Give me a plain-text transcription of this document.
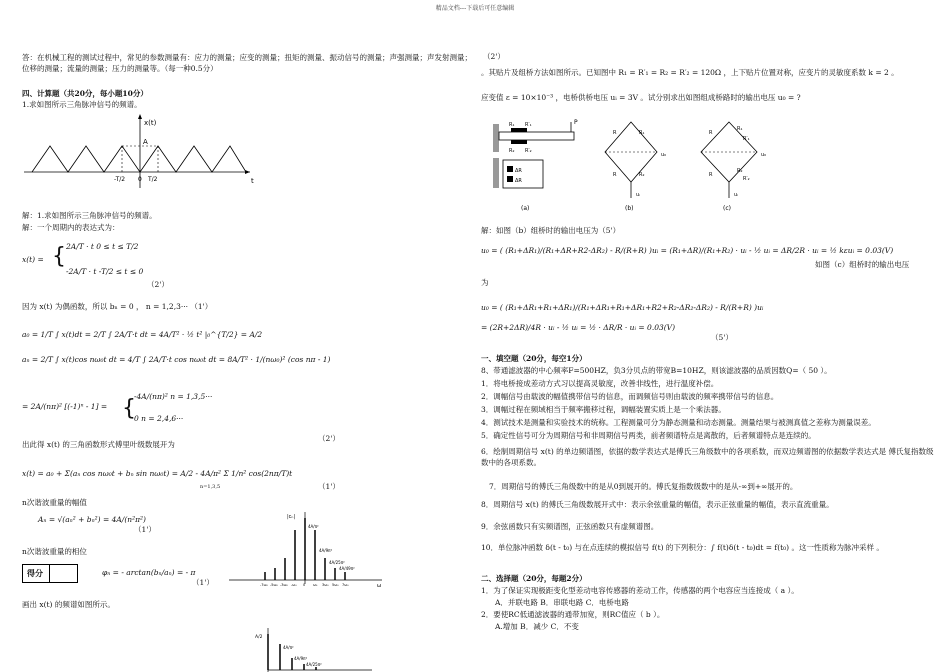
精品文档---下载后可任意编辑
答：在机械工程的测试过程中，常见的参数测量有：应力的测量；应变的测量；扭矩的测量、振动信号的测量；声强测量；声发射测量；位移的测量；流量的测量；压力的测量等。（每一种0.5分）
四、计算题（共20分，每小题10分）
1.求如图所示三角脉冲信号的频谱。
x(t)
A
t
0
-T/2	T/2
解：1.求如图所示三角脉冲信号的频谱。
解：一个周期内的表达式为：
x(t) = { 2A/T · t 0 ≤ t ≤ T/2
-2A/T · t -T/2 ≤ t ≤ 0
（2'）
因为 x(t) 为偶函数，所以 bₙ = 0 ， n = 1,2,3··· （1'）
a₀ = 1/T ∫ x(t)dt = 2/T ∫ 2A/T·t dt = 4A/T² · ½ t² |₀^{T/2} = A/2
aₙ = 2/T ∫ x(t)cos nω₀t dt = 4/T ∫ 2A/T·t cos nω₀t dt = 8A/T² · 1/(nω₀)² (cos nπ - 1)
= 2A/(nπ)² [(-1)ⁿ - 1] = {
-4A/(nπ)² n = 1,3,5···
0 n = 2,4,6···
（2'）
出此得 x(t) 的三角函数形式傅里叶级数展开为
x(t) = a₀ + Σ(aₙ cos nω₀t + bₙ sin nω₀t) = A/2 - 4A/π² Σ 1/n² cos(2nπ/T)t
n=1,3,5	（1'）
n次谐波重量的幅值
Aₙ = √(aₙ² + bₙ²) = 4A/(n²π²)
（1'）
n次谐波重量的相位
得分	φₙ = - arctan(bₙ/aₙ) = - π
（1'）
画出 x(t) 的频谱如图所示。
|cₙ|
ω
4A/π²
4A/9π²
4A/25π²
4A/49π²
-7ω₀ -5ω₀ -3ω₀ -ω₀ 0 ω₀ 3ω₀ 5ω₀ 7ω₀
A/2
4A/π²
4A/9π²
4A/25π²
（2'）
。其贴片及组桥方法如图所示。已知图中 R₁ = R′₁ = R₂ = R′₂ = 120Ω ，上下贴片位置对称，应变片的灵敏度系数 k = 2 。
应变值 ε = 10×10⁻³ ，电桥供桥电压 uᵢ = 3V 。试分别求出如图组成桥路时的输出电压 u₀ = ?
P
R₁ R′₁
R₂ R′₂
ΔR
ΔR
(a)
R₁
R₂
R
R
u₀
uᵢ
(b)
R₁
R′₁
R₂
R′₂
R
R
u₀
uᵢ
(c)
解：如图（b）组桥时的输出电压为（5'）
u₀ = ( (R₁+ΔR₁)/(R₁+ΔR+R2-ΔR₂) - R/(R+R) )uᵢ = (R₁+ΔR)/(R₁+R₂) · uᵢ - ½ uᵢ = ΔR/2R · uᵢ = ½ kεuᵢ = 0.03(V)
如图（c）组桥时的输出电压
为
u₀ = ( (R₁+ΔR₁+R₁+ΔR₁)/(R₁+ΔR₁+R₁+ΔR₁+R2+R₂-ΔR₂-ΔR₂) - R/(R+R) )uᵢ
= (2R+2ΔR)/4R · uᵢ - ½ uᵢ = ½ · ΔR/R · uᵢ = 0.03(V)
（5'）
一、填空题（20分，每空1分）
8、带通滤波器的中心频率F=500HZ，负3分贝点的带宽B=10HZ，则该滤波器的品质因数Q=（ 50 ）。
1．将电桥接成差动方式习以提高灵敏度，改善非线性，进行温度补偿。
2．调幅信号由载波的幅值携带信号的信息，而调频信号则由载波的频率携带信号的信息。
3．调幅过程在频域相当于频率搬移过程，调幅装置实质上是一个乘法器。
4．测试技术是测量和实验技术的统称。工程测量可分为静态测量和动态测量。测量结果与被测真值之差称为测量误差。
5．确定性信号可分为周期信号和非周期信号两类，前者频谱特点是离散的，后者频谱特点是连续的。
6．绘制周期信号 x(t) 的单边频谱图，依据的数学表达式是傅氏三角级数中的各项系数，而双边频谱图的依据数学表达式是 傅氏复指数级数中的各项系数。
7．周期信号的傅氏三角级数中的是从0到展开的。傅氏复指数级数中的是从-∞到+∞展开的。
8．周期信号 x(t) 的傅氏三角级数展开式中：表示余弦重量的幅值，表示正弦重量的幅值，表示直流重量。
9．余弦函数只有实频谱图，正弦函数只有虚频谱图。
10．单位脉冲函数 δ(t - t₀) 与在点连续的模拟信号 f(t) 的下列积分：∫ f(t)δ(t - t₀)dt = f(t₀) 。这一性质称为脉冲采样 。
二、选择题（20分，每题2分）
1．为了保证实现极距变化型差动电容传感器的差动工作，传感器的两个电容应当连接成（ a ）。
A．并联电路 B．串联电路 C．电桥电路
2．要使RC低通滤波器的通带加宽，则RC值应（ b ）。
A.增加 B．减少 C．不变
